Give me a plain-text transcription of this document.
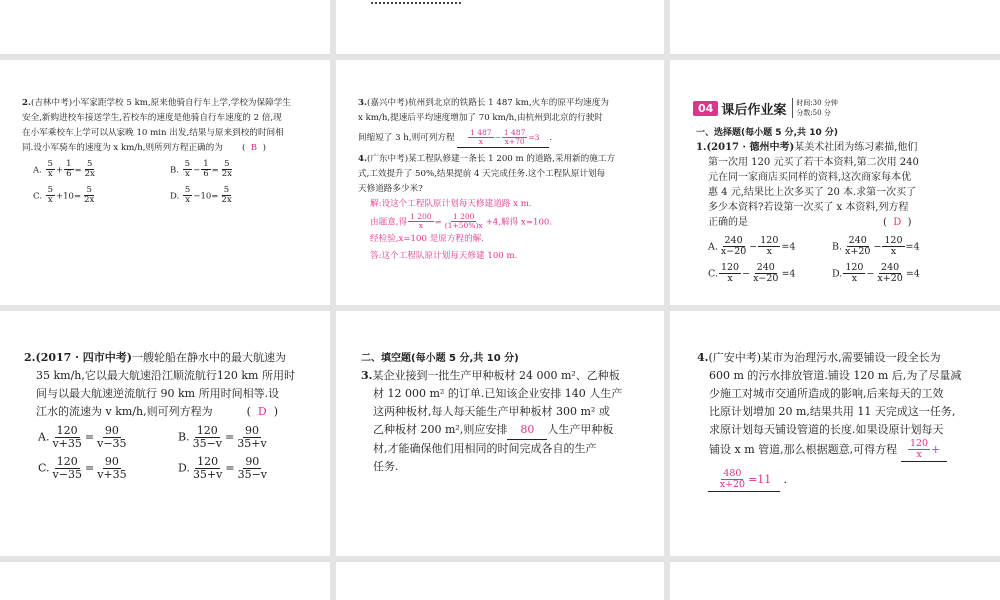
2.(吉林中考)小军家距学校 5 km,原来他骑自行车上学,学校为保障学生
安全,新购进校车接送学生,若校车的速度是他骑自行车速度的 2 倍,现
在小军乘校车上学可以从家晚 10 min 出发,结果与原来到校的时间相
同.设小军骑车的速度为 x km/h,则所列方程正确的为 ( B )
A. $\frac{5}{x} + \frac{1}{6} = \frac{5}{2x}$	B. $\frac{5}{x} - \frac{1}{6} = \frac{5}{2x}$
C. $\frac{5}{x} +10= \frac{5}{2x}$	D. $\frac{5}{x} -10= \frac{5}{2x}$
3.(嘉兴中考)杭州到北京的铁路长 1 487 km,火车的原平均速度为
x km/h,提速后平均速度增加了 70 km/h,由杭州到北京的行驶时
间缩短了 3 h,则可列方程 $\frac{1 487}{x} - \frac{1 487}{x+70} =3$ .
4.(广东中考)某工程队修建一条长 1 200 m 的道路,采用新的施工方
式,工效提升了 50%,结果提前 4 天完成任务.这个工程队原计划每
天修道路多少米?
解:设这个工程队原计划每天修建道路 x m.
由题意,得 $\frac{1 200}{x} = \frac{1 200}{(1+50\%)x} +4$,解得 x=100.
经检验,x=100 是原方程的解.
答:这个工程队原计划每天修建 100 m.
04 课后作业案 时间:30 分钟
分数:50 分
一、选择题(每小题 5 分,共 10 分)
1.(2017 · 德州中考)某美术社团为练习素描,他们
第一次用 120 元买了若干本资料,第二次用 240
元在同一家商店买同样的资料,这次商家每本优
惠 4 元,结果比上次多买了 20 本.求第一次买了
多少本资料?若设第一次买了 x 本资料,列方程
正确的是	( D  )
A. $\frac{240}{x-20} - \frac{120}{x} =4$	B. $\frac{240}{x+20} - \frac{120}{x} =4$
C. $\frac{120}{x} - \frac{240}{x-20} =4$	D. $\frac{120}{x} - \frac{240}{x+20} =4$
2.(2017 · 四市中考)一艘轮船在静水中的最大航速为
35 km/h,它以最大航速沿江顺流航行120 km 所用时
间与以最大航速逆流航行 90 km 所用时间相等.设
江水的流速为 v km/h,则可列方程为	( D  )
A. $\frac{120}{v+35} = \frac{90}{v-35}$	B. $\frac{120}{35-v} = \frac{90}{35+v}$
C. $\frac{120}{v-35} = \frac{90}{v+35}$	D. $\frac{120}{35+v} = \frac{90}{35-v}$
二、填空题(每小题 5 分,共 10 分)
3.某企业接到一批生产甲种板材 24 000 m²、乙种板
材 12 000 m² 的订单.已知该企业安排 140 人生产
这两种板材,每人每天能生产甲种板材 300 m² 或
乙种板材 200 m²,则应安排 80 人生产甲种板
材,才能确保他们用相同的时间完成各自的生产
任务.
4.(广安中考)某市为治理污水,需要铺设一段全长为
600 m 的污水排放管道.铺设 120 m 后,为了尽量减
少施工对城市交通所造成的影响,后来每天的工效
比原计划增加 20 m,结果共用 11 天完成这一任务,
求原计划每天铺设管道的长度.如果设原计划每天
铺设 x m 管道,那么根据题意,可得方程 $\frac{120}{x}$ +
$\frac{480}{x+20} =11$ .
